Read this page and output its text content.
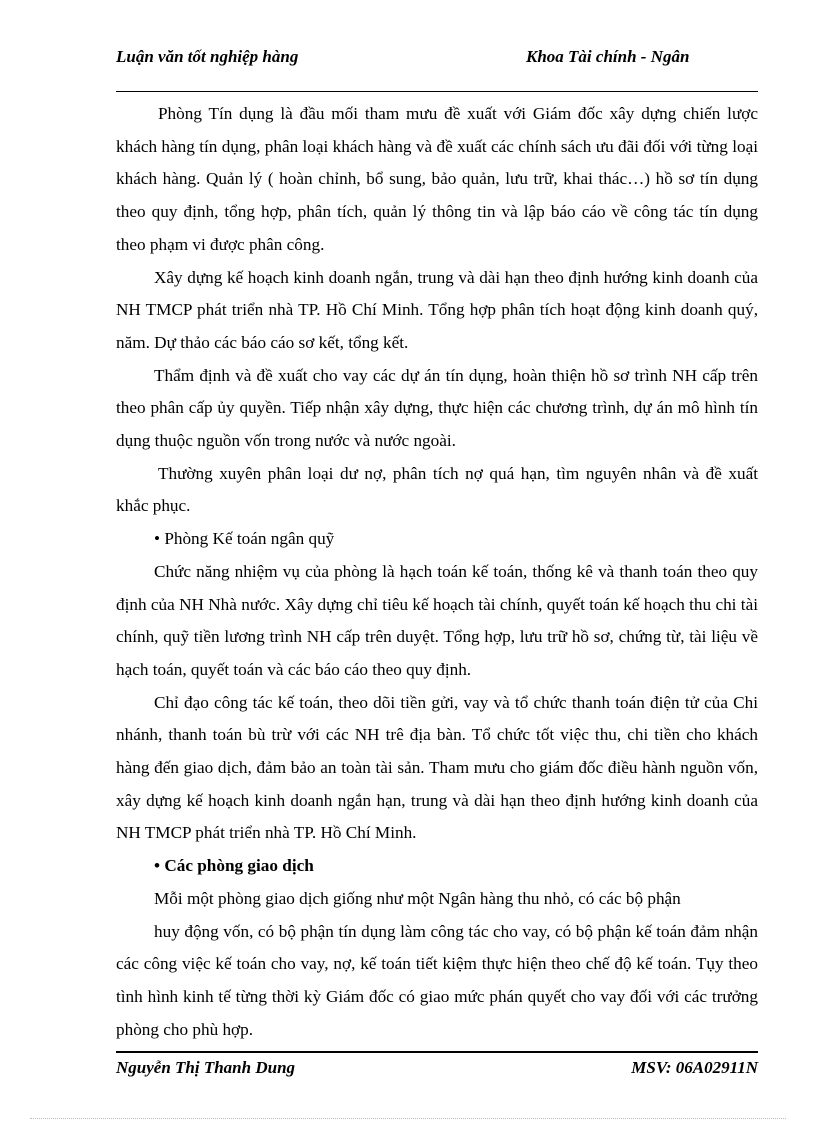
Luận văn tốt nghiệp hàng	Khoa Tài chính - Ngân

Phòng Tín dụng là đầu mối tham mưu đề xuất với Giám đốc xây dựng chiến lược khách hàng tín dụng, phân loại khách hàng và đề xuất các chính sách ưu đãi đối với từng loại khách hàng. Quản lý ( hoàn chỉnh, bổ sung, bảo quản, lưu trữ, khai thác…) hồ sơ tín dụng theo quy định, tổng hợp, phân tích, quản lý thông tin và lập báo cáo về công tác tín dụng theo phạm vi được phân công.

Xây dựng kế hoạch kinh doanh ngắn, trung và dài hạn theo định hướng kinh doanh của NH TMCP phát triển nhà TP. Hồ Chí Minh. Tổng hợp phân tích hoạt động kinh doanh quý, năm. Dự thảo các báo cáo sơ kết, tổng kết.

Thẩm định và đề xuất cho vay các dự án tín dụng, hoàn thiện hồ sơ trình NH cấp trên theo phân cấp ủy quyền. Tiếp nhận xây dựng, thực hiện các chương trình, dự án mô hình tín dụng thuộc nguồn vốn trong nước và nước ngoài.

Thường xuyên phân loại dư nợ, phân tích nợ quá hạn, tìm nguyên nhân và đề xuất khắc phục.

• Phòng Kế toán ngân quỹ

Chức năng nhiệm vụ của phòng là hạch toán kế toán, thống kê và thanh toán theo quy định của NH Nhà nước. Xây dựng chỉ tiêu kế hoạch tài chính, quyết toán kế hoạch thu chi tài chính, quỹ tiền lương trình NH cấp trên duyệt. Tổng hợp, lưu trữ hồ sơ, chứng từ, tài liệu về hạch toán, quyết toán và các báo cáo theo quy định.

Chỉ đạo công tác kế toán, theo dõi tiền gửi, vay và tổ chức thanh toán điện tử của Chi nhánh, thanh toán bù trừ với các NH trê địa bàn. Tổ chức tốt việc thu, chi tiền cho khách hàng đến giao dịch, đảm bảo an toàn tài sản. Tham mưu cho giám đốc điều hành nguồn vốn, xây dựng kế hoạch kinh doanh ngắn hạn, trung và dài hạn theo định hướng kinh doanh của NH TMCP phát triển nhà TP. Hồ Chí Minh.

• Các phòng giao dịch

Mỗi một phòng giao dịch giống như một Ngân hàng thu nhỏ, có các bộ phận

huy động vốn, có bộ phận tín dụng làm công tác cho vay, có bộ phận kế toán đảm nhận các công việc kế toán cho vay, nợ, kế toán tiết kiệm thực hiện theo chế độ kế toán. Tụy theo tình hình kinh tế từng thời kỳ Giám đốc có giao mức phán quyết cho vay đối với các trưởng phòng cho phù hợp.

Nguyễn Thị Thanh Dung	MSV: 06A02911N
